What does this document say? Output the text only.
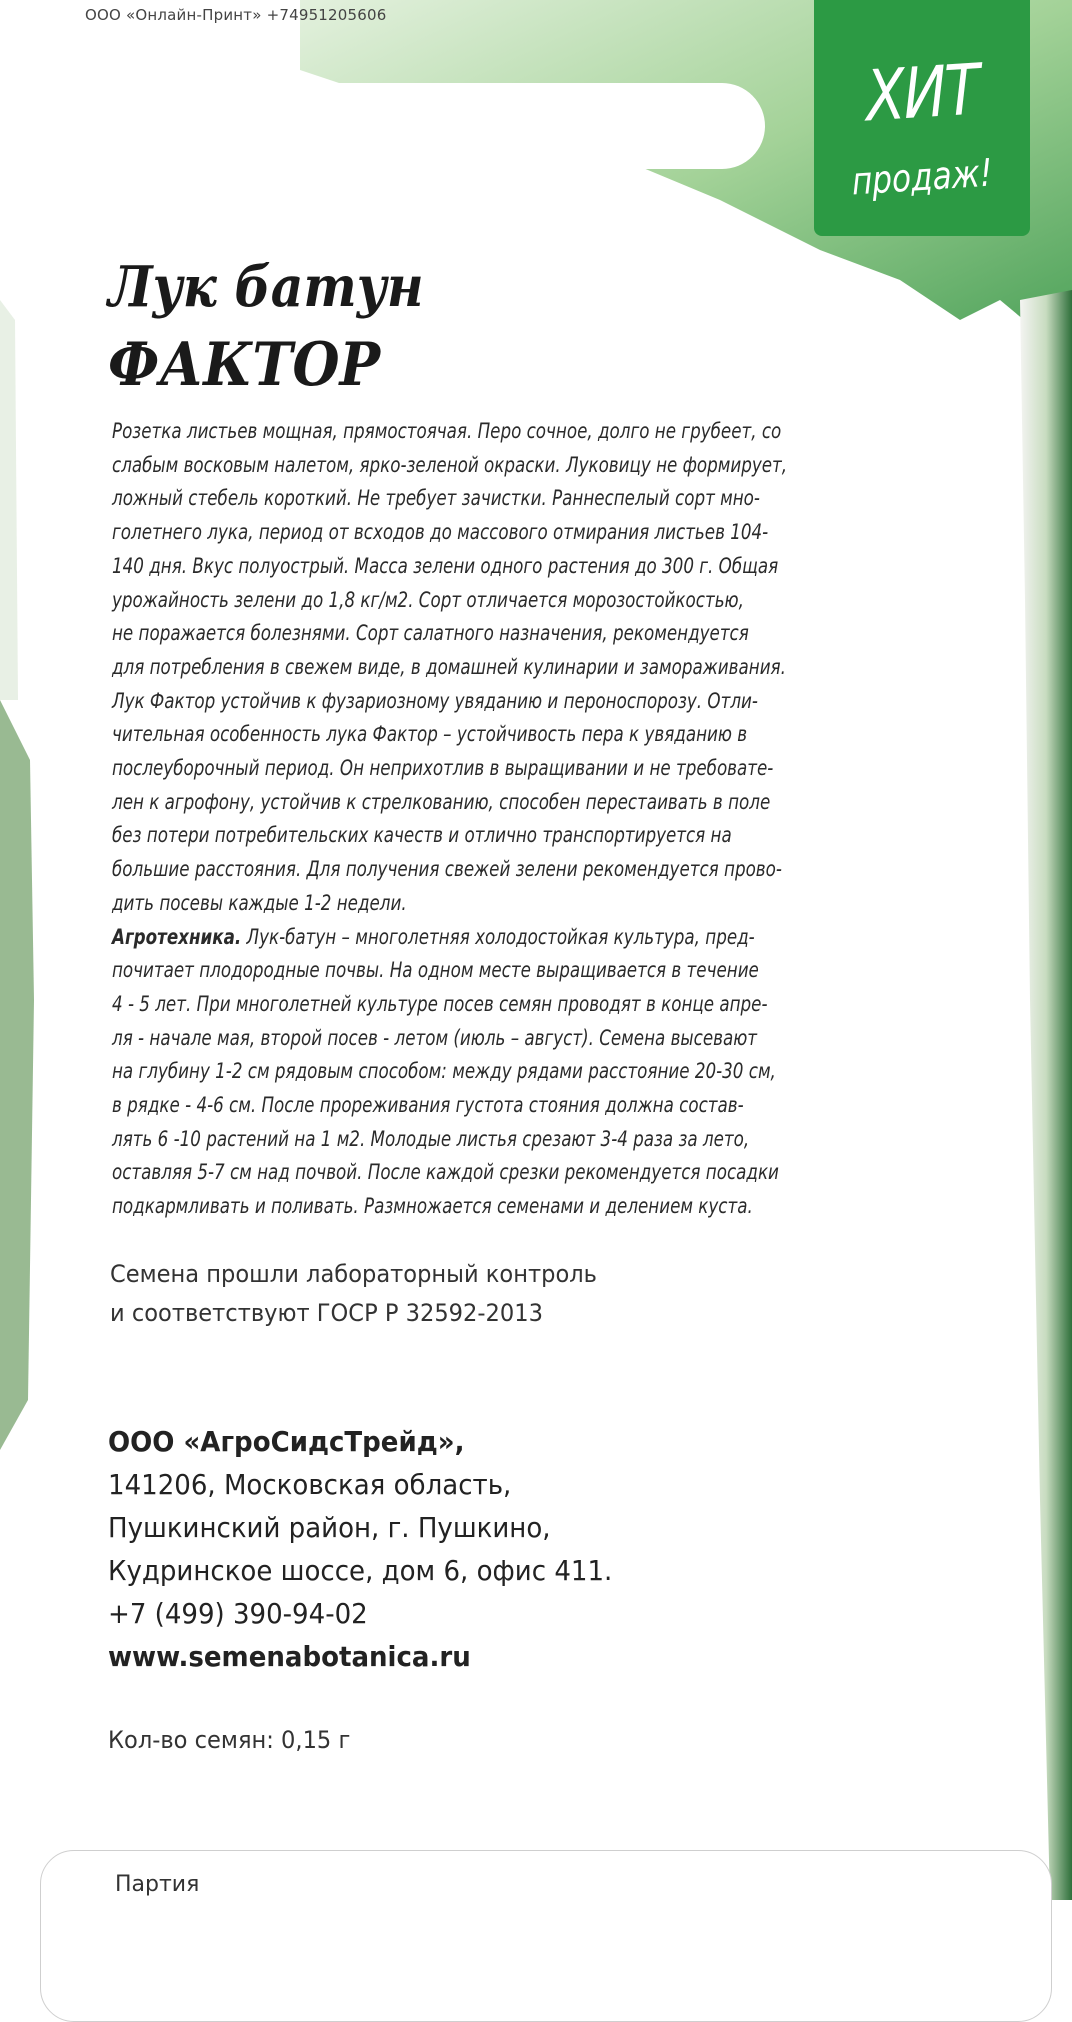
ООО «Онлайн-Принт» +74951205606
ХИТ
продаж!
Лук батун
ФАКТОР
Розетка листьев мощная, прямостоячая. Перо сочное, долго не грубеет, со
слабым восковым налетом, ярко-зеленой окраски. Луковицу не формирует,
ложный стебель короткий. Не требует зачистки. Раннеспелый сорт мно-
голетнего лука, период от всходов до массового отмирания листьев 104-
140 дня. Вкус полуострый. Масса зелени одного растения до 300 г. Общая
урожайность зелени до 1,8 кг/м2. Сорт отличается морозостойкостью,
не поражается болезнями. Сорт салатного назначения, рекомендуется
для потребления в свежем виде, в домашней кулинарии и замораживания.
Лук Фактор устойчив к фузариозному увяданию и пероноспорозу. Отли-
чительная особенность лука Фактор – устойчивость пера к увяданию в
послеуборочный период. Он неприхотлив в выращивании и не требовате-
лен к агрофону, устойчив к стрелкованию, способен перестаивать в поле
без потери потребительских качеств и отлично транспортируется на
большие расстояния. Для получения свежей зелени рекомендуется прово-
дить посевы каждые 1-2 недели.
Агротехника. Лук-батун – многолетняя холодостойкая культура, пред-
почитает плодородные почвы. На одном месте выращивается в течение
4 - 5 лет. При многолетней культуре посев семян проводят в конце апре-
ля - начале мая, второй посев - летом (июль – август). Семена высевают
на глубину 1-2 см рядовым способом: между рядами расстояние 20-30 см,
в рядке - 4-6 см. После прореживания густота стояния должна состав-
лять 6 -10 растений на 1 м2. Молодые листья срезают 3-4 раза за лето,
оставляя 5-7 см над почвой. После каждой срезки рекомендуется посадки
подкармливать и поливать. Размножается семенами и делением куста.
Семена прошли лабораторный контроль
и соответствуют ГОСР Р 32592-2013
ООО «АгроСидсТрейд»,
141206, Московская область,
Пушкинский район, г. Пушкино,
Кудринское шоссе, дом 6, офис 411.
+7 (499) 390-94-02
www.semenabotanica.ru
Кол-во семян: 0,15 г
Партия
